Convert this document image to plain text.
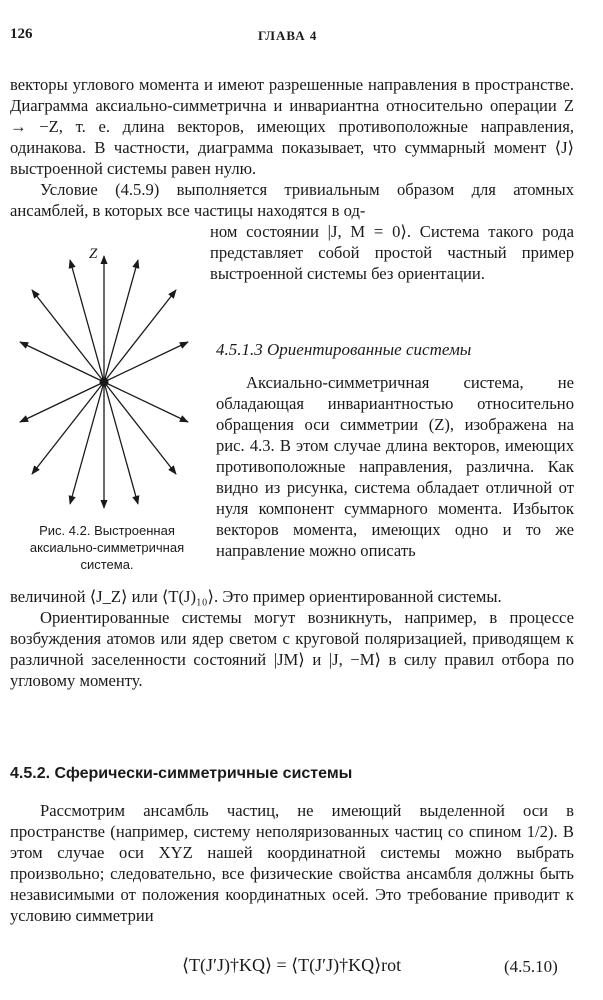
126	ГЛАВА 4

векторы углового момента и имеют разрешенные направления в пространстве. Диаграмма аксиально-симметрична и инвариантна относительно операции Z → −Z, т. е. длина векторов, имеющих противоположные направления, одинакова. В частности, диаграмма показывает, что суммарный момент ⟨J⟩ выстроенной системы равен нулю.

Условие (4.5.9) выполняется тривиальным образом для атомных ансамблей, в которых все частицы находятся в од-

ном состоянии |J, M = 0⟩. Система такого рода представляет собой простой частный пример выстроенной системы без ориентации.

Z
Рис. 4.2. Выстроенная аксиально-симметричная система.
4.5.1.3 Ориентированные системы

Аксиально-симметричная система, не обладающая инвариантностью относительно обращения оси симметрии (Z), изображена на рис. 4.3. В этом случае длина векторов, имеющих противоположные направления, различна. Как видно из рисунка, система обладает отличной от нуля компонент суммарного момента. Избыток векторов момента, имеющих одно и то же направление можно описать

величиной ⟨J_Z⟩ или ⟨T(J)₁₀⟩. Это пример ориентированной системы.

Ориентированные системы могут возникнуть, например, в процессе возбуждения атомов или ядер светом с круговой поляризацией, приводящем к различной заселенности состояний |JM⟩ и |J, −M⟩ в силу правил отбора по угловому моменту.

4.5.2. Сферически-симметричные системы

Рассмотрим ансамбль частиц, не имеющий выделенной оси в пространстве (например, систему неполяризованных частиц со спином 1/2). В этом случае оси XYZ нашей координатной системы можно выбрать произвольно; следовательно, все физические свойства ансамбля должны быть независимыми от положения координатных осей. Это требование приводит к условию симметрии

⟨T(J′J)†KQ⟩ = ⟨T(J′J)†KQ⟩rot	(4.5.10)
